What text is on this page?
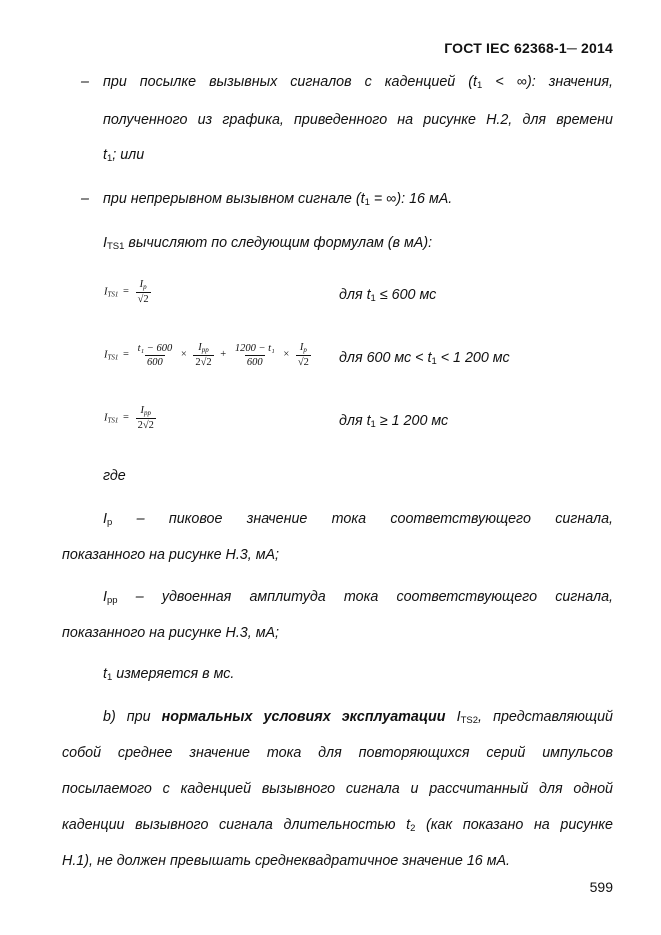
ГОСТ IEC 62368-1─ 2014
– при посылке вызывных сигналов с каденцией ($t_1$ < ∞): значения,
полученного из графика, приведенного на рисунке Н.2, для времени
$t_1$; или
– при непрерывном вызывном сигнале ($t_1$ = ∞): 16 мА.
$I_{TS1}$ вычисляют по следующим формулам (в мА):
$ITS1 = \frac{Ip}{√2}$	для $t_1 \le 600$ мс
$ITS1 = \frac{\text{t₁ − 600}}{600} \times \frac{\text{Ipp}}{2√2} + \frac{\text{1200 − t₁}}{600} \times \frac{Ip}{√2}$ для 600 мс < $t_1 < 1$ 200 мс
$ITS1 = \frac{\text{Ipp}}{2√2}$	для $t_1 \ge 1$ 200 мс
где
$I_p$ – пиковое значение тока соответствующего сигнала,
показанного на рисунке Н.3, мА;
$I_{pp}$ – удвоенная амплитуда тока соответствующего сигнала,
показанного на рисунке Н.3, мА;
$t_1$ измеряется в мс.
b) при нормальных условиях эксплуатации $I_{TS2}$, представляющий
собой среднее значение тока для повторяющихся серий импульсов
посылаемого с каденцией вызывного сигнала и рассчитанный для одной
каденции вызывного сигнала длительностью $t_2$ (как показано на рисунке
Н.1), не должен превышать среднеквадратичное значение 16 мА.
599
